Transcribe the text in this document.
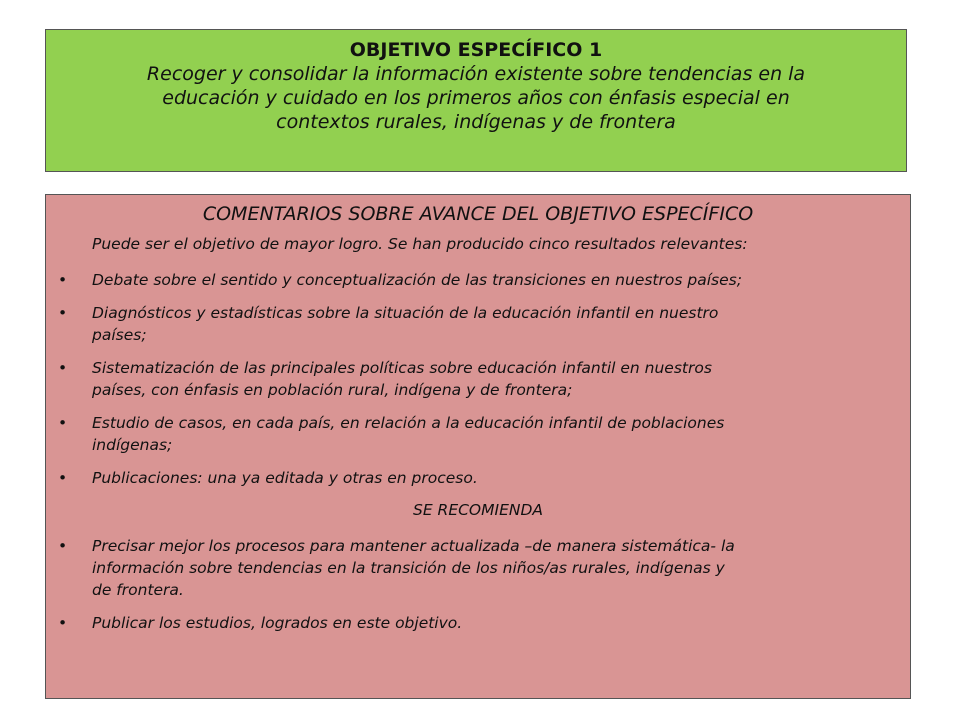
OBJETIVO ESPECÍFICO 1
Recoger y consolidar la información existente sobre tendencias en la
educación y cuidado en los primeros años con énfasis especial en
contextos rurales, indígenas y de frontera
COMENTARIOS SOBRE AVANCE DEL OBJETIVO ESPECÍFICO
Puede ser el objetivo de mayor logro. Se han producido cinco resultados relevantes:
• Debate sobre el sentido y conceptualización de las transiciones en nuestros países;
• Diagnósticos y estadísticas sobre la situación de la educación infantil en nuestro
países;
• Sistematización de las principales políticas sobre educación infantil en nuestros
países, con énfasis en población rural, indígena y de frontera;
• Estudio de casos, en cada país, en relación a la educación infantil de poblaciones
indígenas;
• Publicaciones: una ya editada y otras en proceso.
SE RECOMIENDA
• Precisar mejor los procesos para mantener actualizada –de manera sistemática- la
información sobre tendencias en la transición de los niños/as rurales, indígenas y
de frontera.
• Publicar los estudios, logrados en este objetivo.
